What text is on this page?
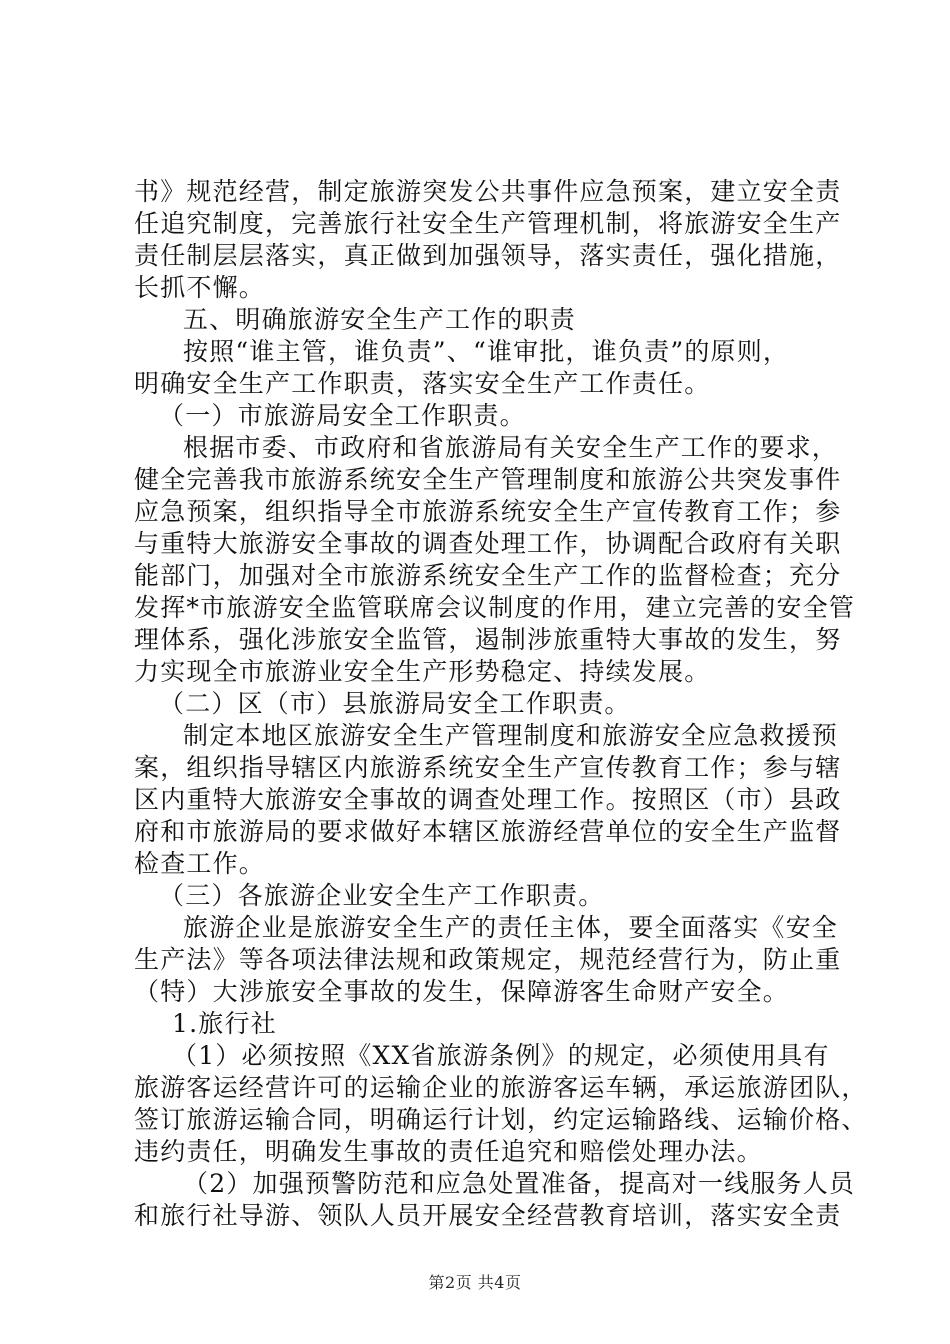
书》规范经营，制定旅游突发公共事件应急预案，建立安全责
任追究制度，完善旅行社安全生产管理机制，将旅游安全生产
责任制层层落实，真正做到加强领导，落实责任，强化措施，
长抓不懈。
五、明确旅游安全生产工作的职责
按照“谁主管，谁负责”、“谁审批，谁负责”的原则，
明确安全生产工作职责，落实安全生产工作责任。
（一）市旅游局安全工作职责。
根据市委、市政府和省旅游局有关安全生产工作的要求，
健全完善我市旅游系统安全生产管理制度和旅游公共突发事件
应急预案，组织指导全市旅游系统安全生产宣传教育工作；参
与重特大旅游安全事故的调查处理工作，协调配合政府有关职
能部门，加强对全市旅游系统安全生产工作的监督检查；充分
发挥*市旅游安全监管联席会议制度的作用，建立完善的安全管
理体系，强化涉旅安全监管，遏制涉旅重特大事故的发生，努
力实现全市旅游业安全生产形势稳定、持续发展。
（二）区（市）县旅游局安全工作职责。
制定本地区旅游安全生产管理制度和旅游安全应急救援预
案，组织指导辖区内旅游系统安全生产宣传教育工作；参与辖
区内重特大旅游安全事故的调查处理工作。按照区（市）县政
府和市旅游局的要求做好本辖区旅游经营单位的安全生产监督
检查工作。
（三）各旅游企业安全生产工作职责。
旅游企业是旅游安全生产的责任主体，要全面落实《安全
生产法》等各项法律法规和政策规定，规范经营行为，防止重
（特）大涉旅安全事故的发生，保障游客生命财产安全。
1.旅行社
（1）必须按照《XX省旅游条例》的规定，必须使用具有
旅游客运经营许可的运输企业的旅游客运车辆，承运旅游团队，
签订旅游运输合同，明确运行计划，约定运输路线、运输价格、
违约责任，明确发生事故的责任追究和赔偿处理办法。
（2）加强预警防范和应急处置准备，提高对一线服务人员
和旅行社导游、领队人员开展安全经营教育培训，落实安全责
第2页 共4页
